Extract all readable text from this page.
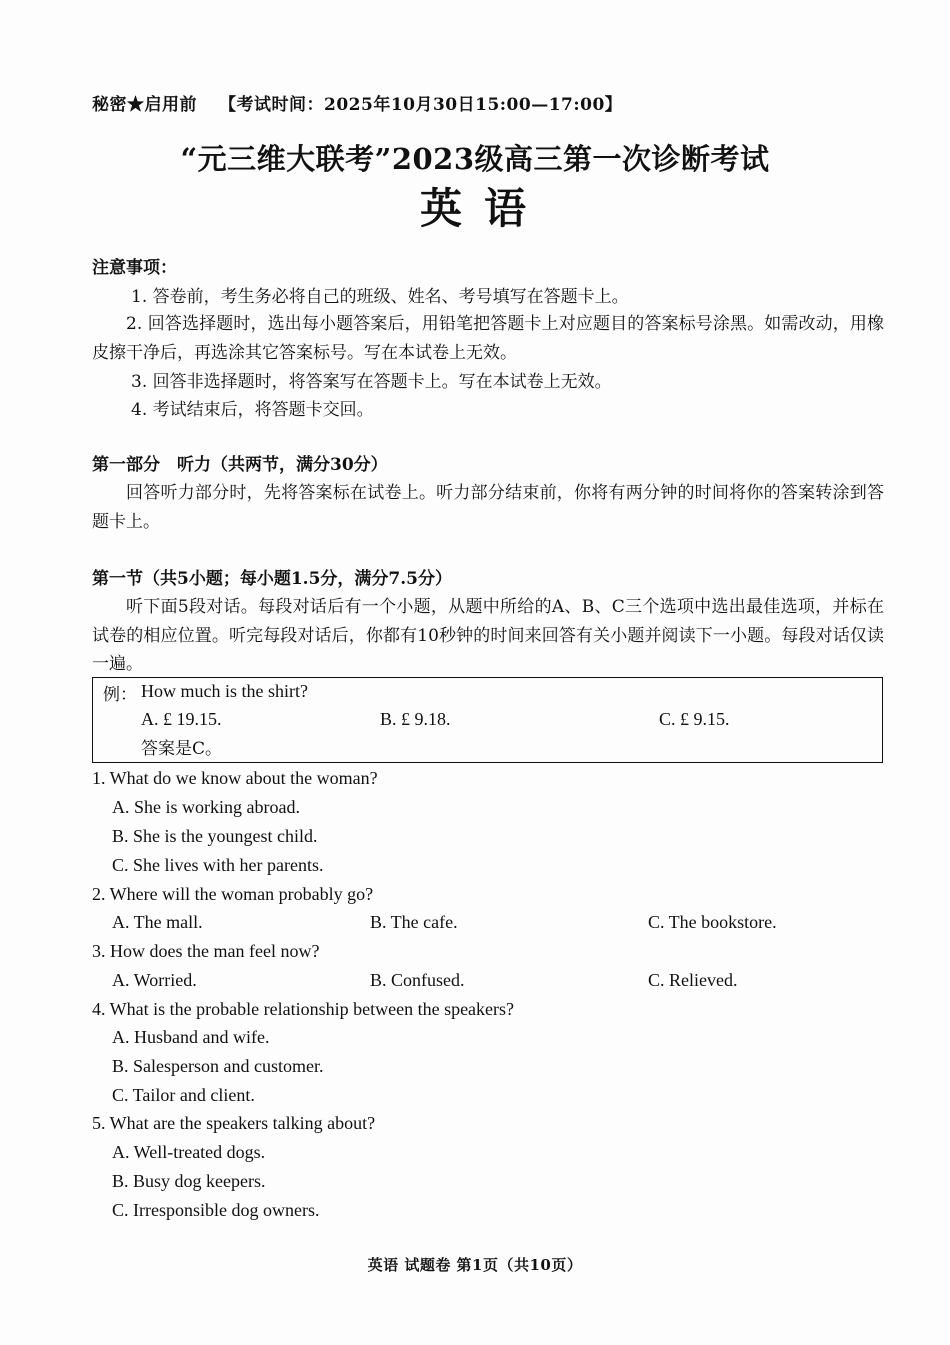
秘密★启用前 【考试时间：2025年10月30日15:00—17:00】
“元三维大联考”2023级高三第一次诊断考试
英语
注意事项：
1. 答卷前，考生务必将自己的班级、姓名、考号填写在答题卡上。
2. 回答选择题时，选出每小题答案后，用铅笔把答题卡上对应题目的答案标号涂黑。如需改动，用橡皮擦干净后，再选涂其它答案标号。写在本试卷上无效。
3. 回答非选择题时，将答案写在答题卡上。写在本试卷上无效。
4. 考试结束后，将答题卡交回。
第一部分　听力（共两节，满分30分）
回答听力部分时，先将答案标在试卷上。听力部分结束前，你将有两分钟的时间将你的答案转涂到答题卡上。
第一节（共5小题；每小题1.5分，满分7.5分）
听下面5段对话。每段对话后有一个小题，从题中所给的A、B、C三个选项中选出最佳选项，并标在试卷的相应位置。听完每段对话后，你都有10秒钟的时间来回答有关小题并阅读下一小题。每段对话仅读一遍。
例： How much is the shirt?
A. £ 19.15.	B. £ 9.18.	C. £ 9.15.
答案是C。
1. What do we know about the woman?
A. She is working abroad.
B. She is the youngest child.
C. She lives with her parents.
2. Where will the woman probably go?
A. The mall.	B. The cafe.	C. The bookstore.
3. How does the man feel now?
A. Worried.	B. Confused.	C. Relieved.
4. What is the probable relationship between the speakers?
A. Husband and wife.
B. Salesperson and customer.
C. Tailor and client.
5. What are the speakers talking about?
A. Well-treated dogs.
B. Busy dog keepers.
C. Irresponsible dog owners.
英语 试题卷 第1页（共10页）
